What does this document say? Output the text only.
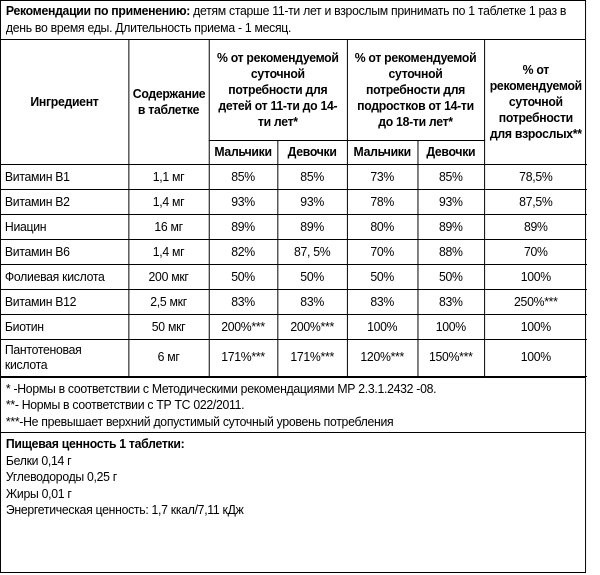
Рекомендации по применению: детям старше 11-ти лет и взрослым принимать по 1 таблетке 1 раз в день во время еды. Длительность приема - 1 месяц.
Ингредиент	Содержание в таблетке	% от рекомендуемой суточной потребности для детей от 11-ти до 14-ти лет*		% от рекомендуемой суточной потребности для подростков от 14-ти до 18-ти лет*		% от рекомендуемой суточной потребности для взрослых**
		Мальчики	Девочки	Мальчики	Девочки	
Витамин В1	1,1 мг	85%	85%	73%	85%	78,5%
Витамин В2	1,4 мг	93%	93%	78%	93%	87,5%
Ниацин	16 мг	89%	89%	80%	89%	89%
Витамин В6	1,4 мг	82%	87, 5%	70%	88%	70%
Фолиевая кислота	200 мкг	50%	50%	50%	50%	100%
Витамин В12	2,5 мкг	83%	83%	83%	83%	250%***
Биотин	50 мкг	200%***	200%***	100%	100%	100%
Пантотеновая кислота	6 мг	171%***	171%***	120%***	150%***	100%
* -Нормы в соответствии с Методическими рекомендациями МР 2.3.1.2432 -08.
**- Нормы в соответствии с ТР ТС 022/2011.
***-Не превышает верхний допустимый суточный уровень потребления
Пищевая ценность 1 таблетки:
Белки 0,14 г
Углеводороды 0,25 г
Жиры 0,01 г
Энергетическая ценность: 1,7 ккал/7,11 кДж
